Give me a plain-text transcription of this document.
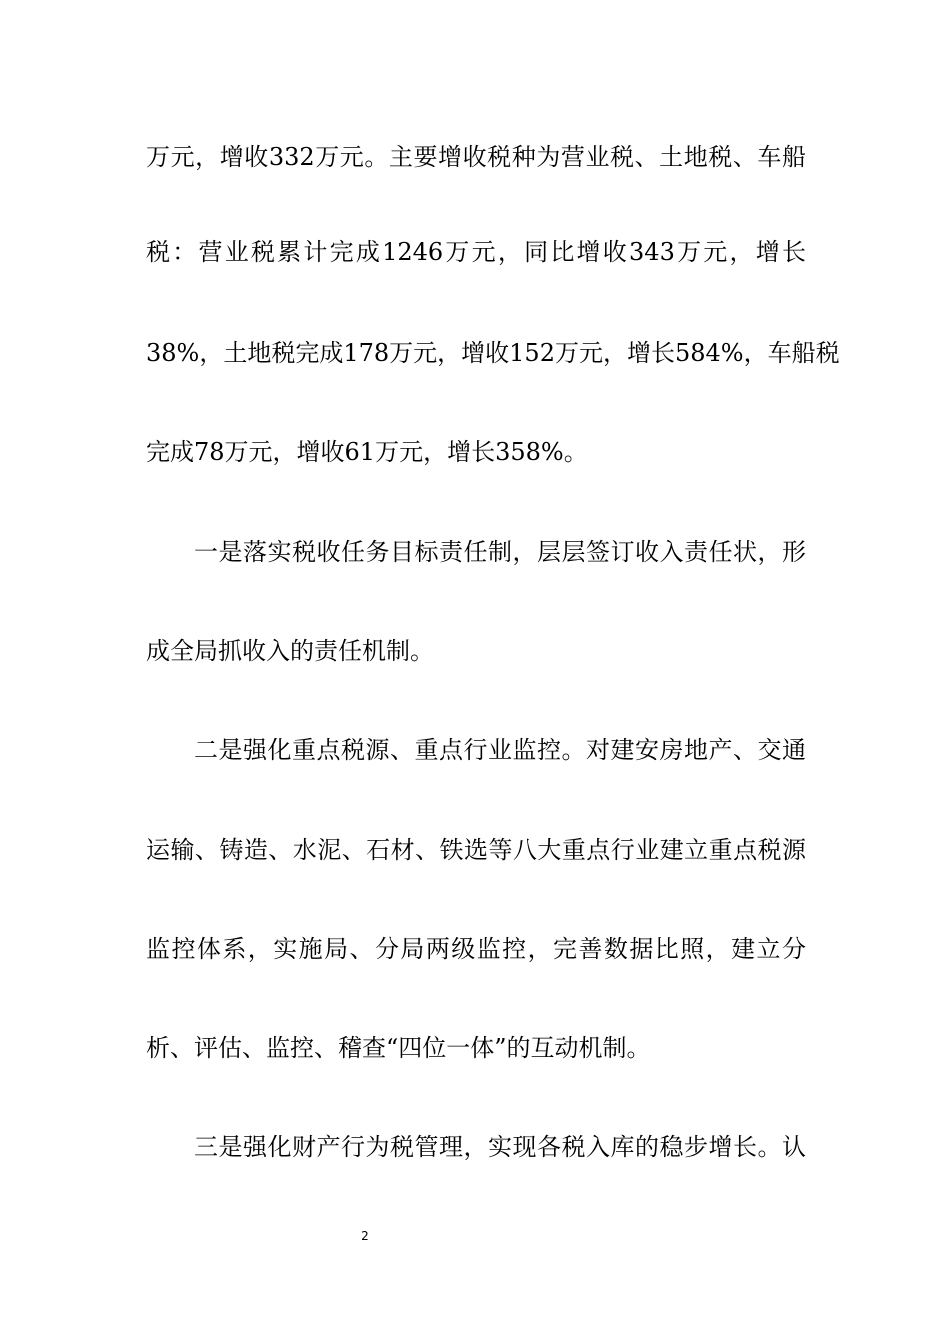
万元，增收332万元。主要增收税种为营业税、土地税、车船
税：营业税累计完成1246万元，同比增收343万元，增长
38%，土地税完成178万元，增收152万元，增长584%，车船税
完成78万元，增收61万元，增长358%。
一是落实税收任务目标责任制，层层签订收入责任状，形
成全局抓收入的责任机制。
二是强化重点税源、重点行业监控。对建安房地产、交通
运输、铸造、水泥、石材、铁选等八大重点行业建立重点税源
监控体系，实施局、分局两级监控，完善数据比照，建立分
析、评估、监控、稽查“四位一体”的互动机制。
三是强化财产行为税管理，实现各税入库的稳步增长。认
2
